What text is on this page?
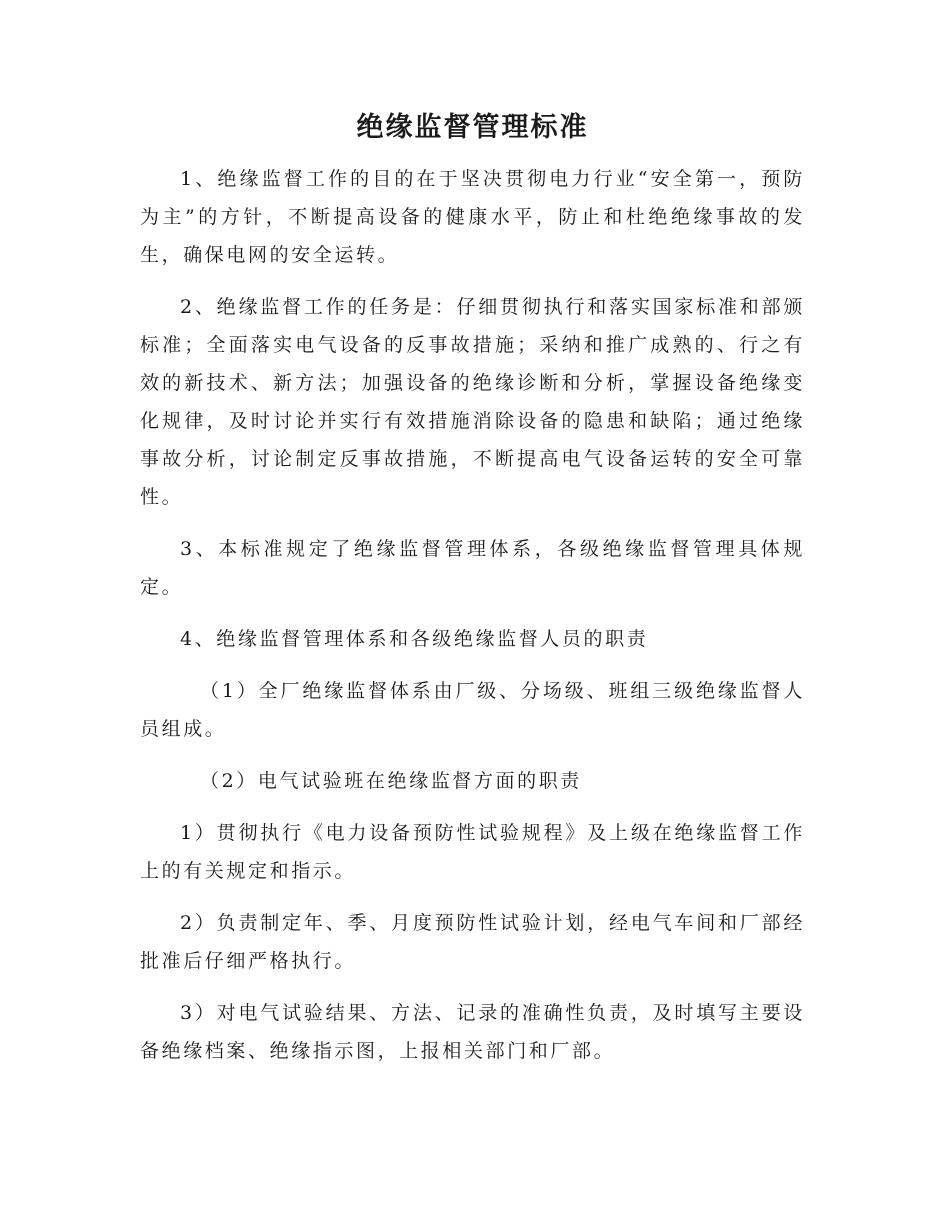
绝缘监督管理标准

1、绝缘监督工作的目的在于坚决贯彻电力行业“安全第一，预防为主”的方针，不断提高设备的健康水平，防止和杜绝绝缘事故的发生，确保电网的安全运转。

2、绝缘监督工作的任务是：仔细贯彻执行和落实国家标准和部颁标准；全面落实电气设备的反事故措施；采纳和推广成熟的、行之有效的新技术、新方法；加强设备的绝缘诊断和分析，掌握设备绝缘变化规律，及时讨论并实行有效措施消除设备的隐患和缺陷；通过绝缘事故分析，讨论制定反事故措施，不断提高电气设备运转的安全可靠性。

3、本标准规定了绝缘监督管理体系，各级绝缘监督管理具体规定。

4、绝缘监督管理体系和各级绝缘监督人员的职责

（1）全厂绝缘监督体系由厂级、分场级、班组三级绝缘监督人员组成。

（2）电气试验班在绝缘监督方面的职责

1）贯彻执行《电力设备预防性试验规程》及上级在绝缘监督工作上的有关规定和指示。

2）负责制定年、季、月度预防性试验计划，经电气车间和厂部经批准后仔细严格执行。

3）对电气试验结果、方法、记录的准确性负责，及时填写主要设备绝缘档案、绝缘指示图，上报相关部门和厂部。
